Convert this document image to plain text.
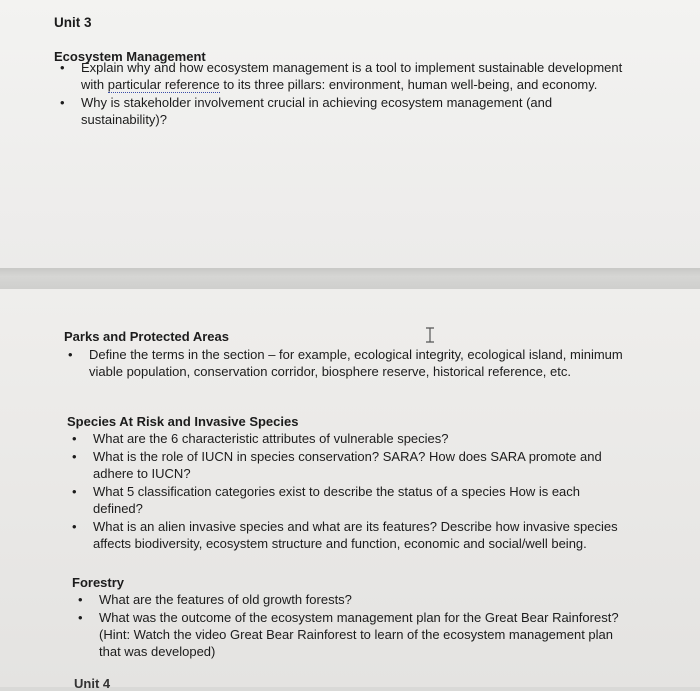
Unit 3
Ecosystem Management
• Explain why and how ecosystem management is a tool to implement sustainable development with particular reference to its three pillars: environment, human well-being, and economy.
• Why is stakeholder involvement crucial in achieving ecosystem management (and sustainability)?
Parks and Protected Areas
• Define the terms in the section – for example, ecological integrity, ecological island, minimum viable population, conservation corridor, biosphere reserve, historical reference, etc.
Species At Risk and Invasive Species
• What are the 6 characteristic attributes of vulnerable species?
• What is the role of IUCN in species conservation? SARA? How does SARA promote and adhere to IUCN?
• What 5 classification categories exist to describe the status of a species How is each defined?
• What is an alien invasive species and what are its features? Describe how invasive species affects biodiversity, ecosystem structure and function, economic and social/well being.
Forestry
• What are the features of old growth forests?
• What was the outcome of the ecosystem management plan for the Great Bear Rainforest? (Hint: Watch the video Great Bear Rainforest to learn of the ecosystem management plan that was developed)
Unit 4
